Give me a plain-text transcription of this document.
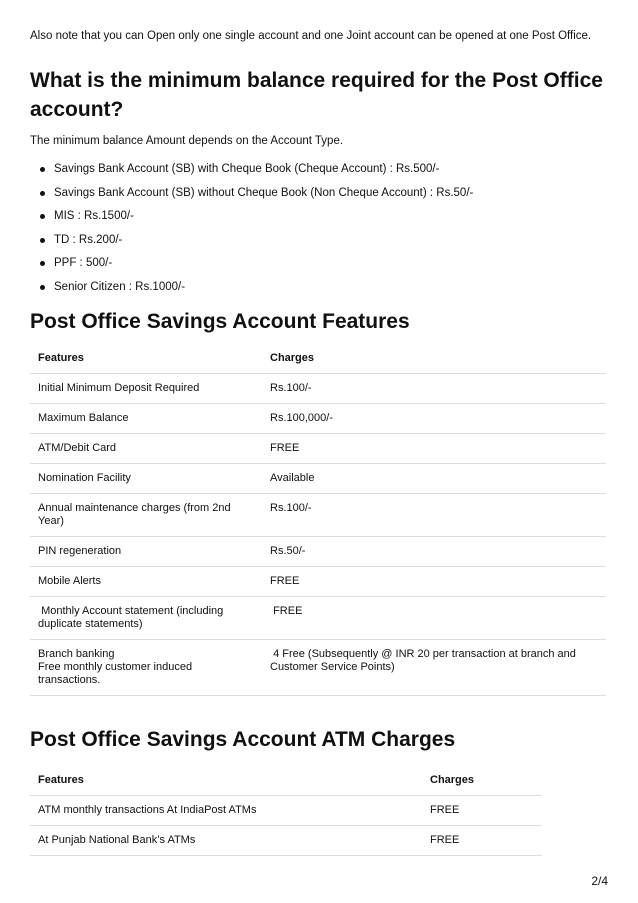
Also note that you can Open only one single account and one Joint account can be opened at one Post Office.
What is the minimum balance required for the Post Office account?
The minimum balance Amount depends on the Account Type.
Savings Bank Account (SB) with Cheque Book (Cheque Account) : Rs.500/-
Savings Bank Account (SB) without Cheque Book (Non Cheque Account) : Rs.50/-
MIS : Rs.1500/-
TD : Rs.200/-
PPF : 500/-
Senior Citizen : Rs.1000/-
Post Office Savings Account Features
Features	Charges
Initial Minimum Deposit Required	Rs.100/-
Maximum Balance	Rs.100,000/-
ATM/Debit Card	FREE
Nomination Facility	Available
Annual maintenance charges (from 2nd Year)	Rs.100/-
PIN regeneration	Rs.50/-
Mobile Alerts	FREE
Monthly Account statement (including duplicate statements)	FREE
Branch banking
Free monthly customer induced transactions.	4 Free (Subsequently @ INR 20 per transaction at branch and Customer Service Points)
Post Office Savings Account ATM Charges
Features	Charges
ATM monthly transactions At IndiaPost ATMs	FREE
At Punjab National Bank’s ATMs	FREE
2/4
